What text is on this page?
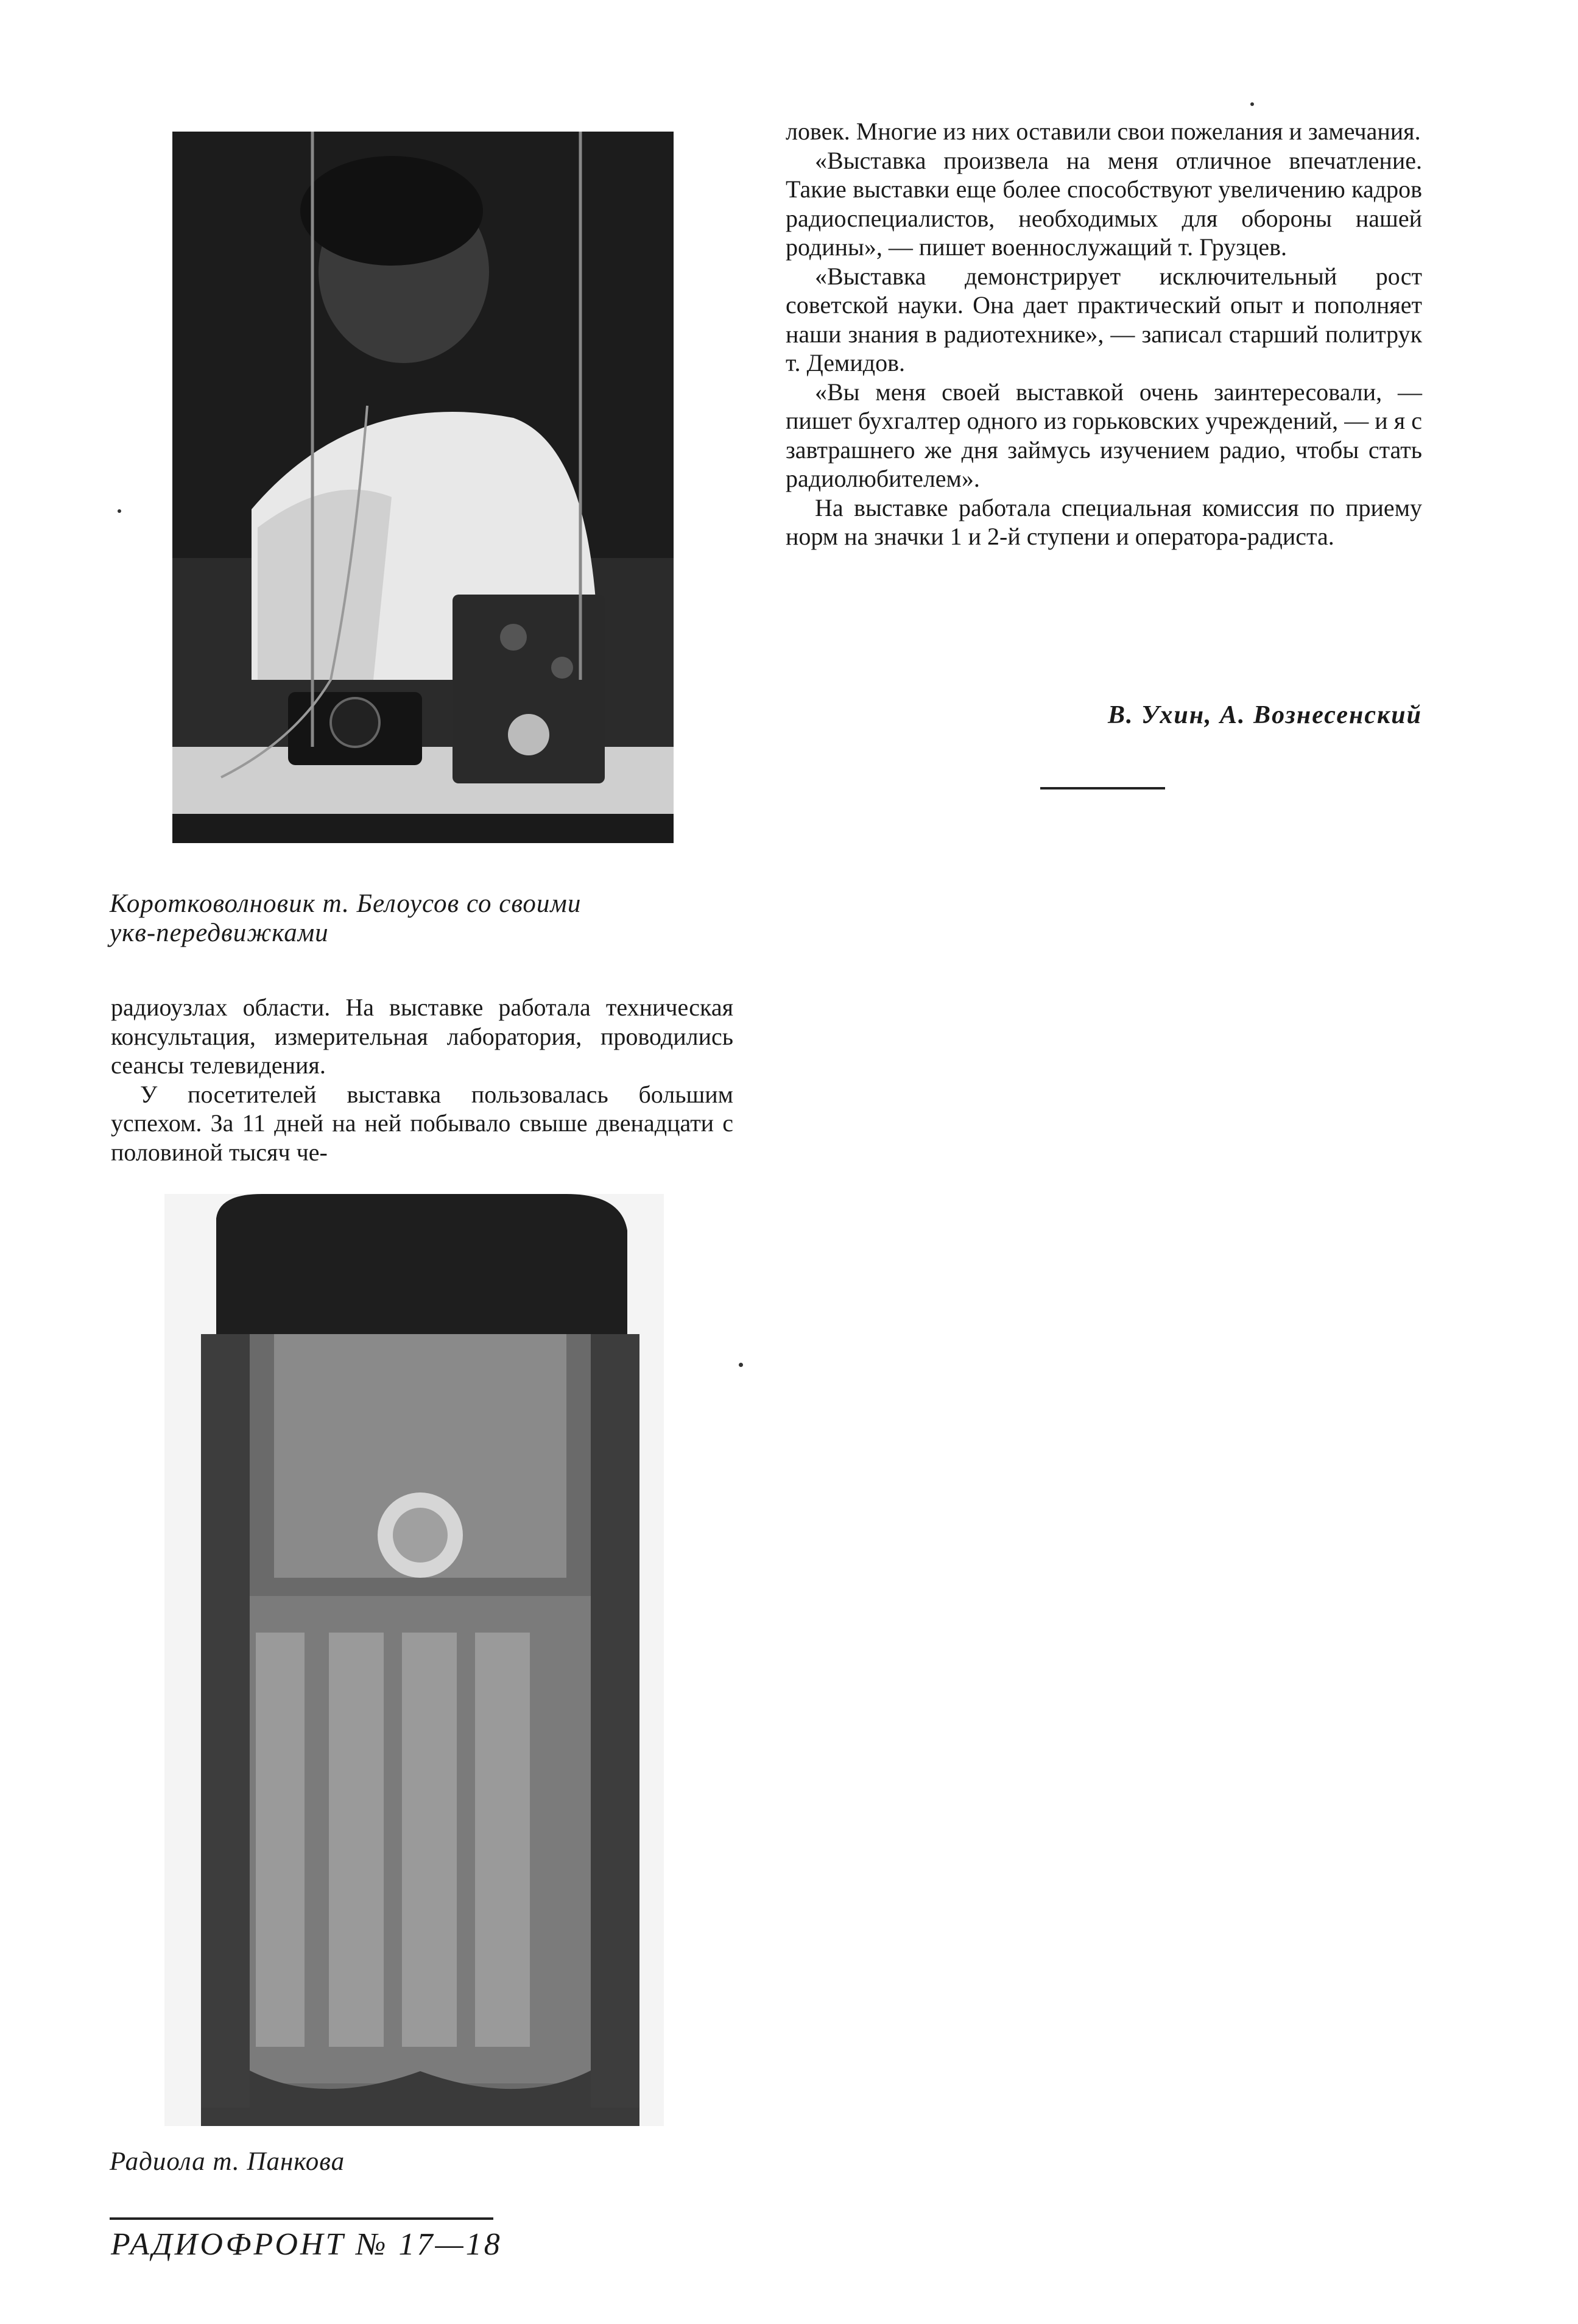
Коротковолновик т. Белоусов со своими
укв-передвижками

радиоузлах области. На выставке работала техническая консультация, измерительная лаборатория, проводились сеансы телевидения.

У посетителей выставка пользовалась большим успехом. За 11 дней на ней побывало свыше двенадцати с половиной тысяч че-

Радиола т. Панкова

ловек. Многие из них оставили свои пожелания и замечания.

«Выставка произвела на меня отличное впечатление. Такие выставки еще более способствуют увеличению кадров радиоспециалистов, необходимых для обороны нашей родины», — пишет военнослужащий т. Грузцев.

«Выставка демонстрирует исключительный рост советской науки. Она дает практический опыт и пополняет наши знания в радиотехнике», — записал старший политрук т. Демидов.

«Вы меня своей выставкой очень заинтересовали, — пишет бухгалтер одного из горьковских учреждений, — и я с завтрашнего же дня займусь изучением радио, чтобы стать радиолюбителем».

На выставке работала специальная комиссия по приему норм на значки 1 и 2-й ступени и оператора-радиста.

В. Ухин, А. Вознесенский
РАДИОФРОНТ № 17—18
